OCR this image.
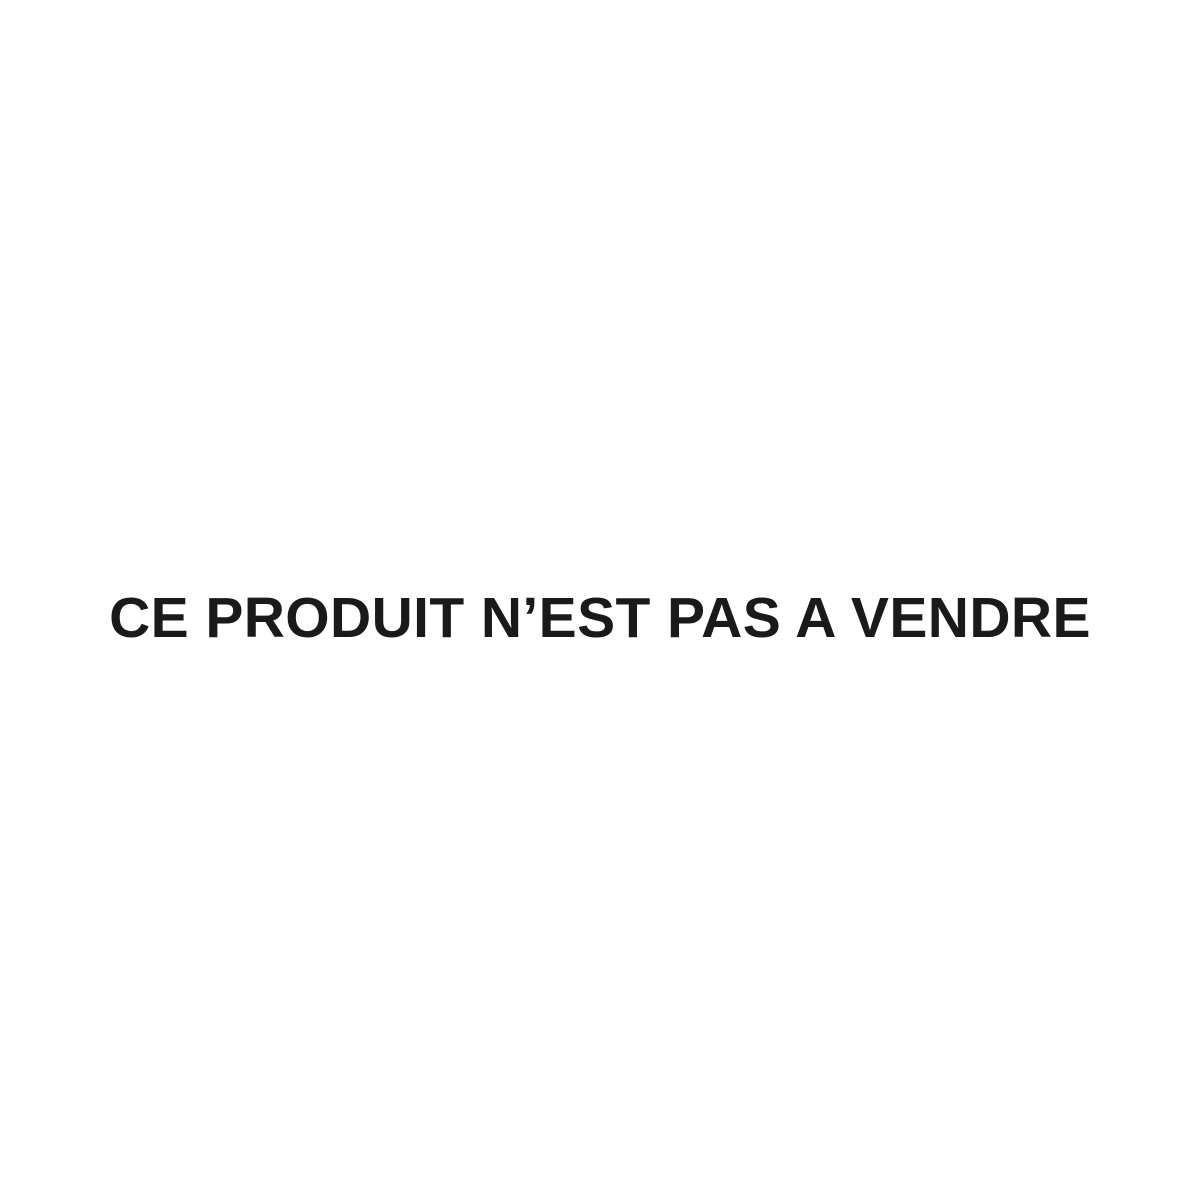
CE PRODUIT N’EST PAS A VENDRE
